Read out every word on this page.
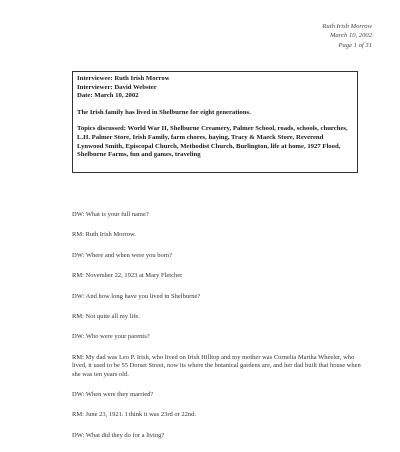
Ruth Irish Morrow
March 10, 2002
Page 1 of 31
Interviewee: Ruth Irish Morrow
Interviewer: David Webster
Date: March 10, 2002
The Irish family has lived in Shelburne for eight generations.
Topics discussed: World War II, Shelburne Creamery, Palmer School, roads, schools, churches, L.H. Palmer Store, Irish Family, farm chores, haying, Tracy & Maeck Store, Reverend Lynwood Smith, Episcopal Church, Methodist Church, Burlington, life at home, 1927 Flood, Shelburne Farms, fun and games, traveling

DW: What is your full name?

RM: Ruth Irish Morrow.

DW: Where and when were you born?

RM: November 22, 1923 at Mary Fletcher

DW: And how long have you lived in Shelburne?

RM: Not quite all my life.

DW: Who were your parents?

RM: My dad was Leo P. Irish, who lived on Irish Hilltop and my mother was Cornelia Martha Wheeler, who lived, it used to be 55 Dorset Street, now its where the botanical gardens are, and her dad built that house when she was ten years old.

DW: When were they married?

RM: June 23, 1921. I think it was 23rd or 22nd.

DW: What did they do for a living?
